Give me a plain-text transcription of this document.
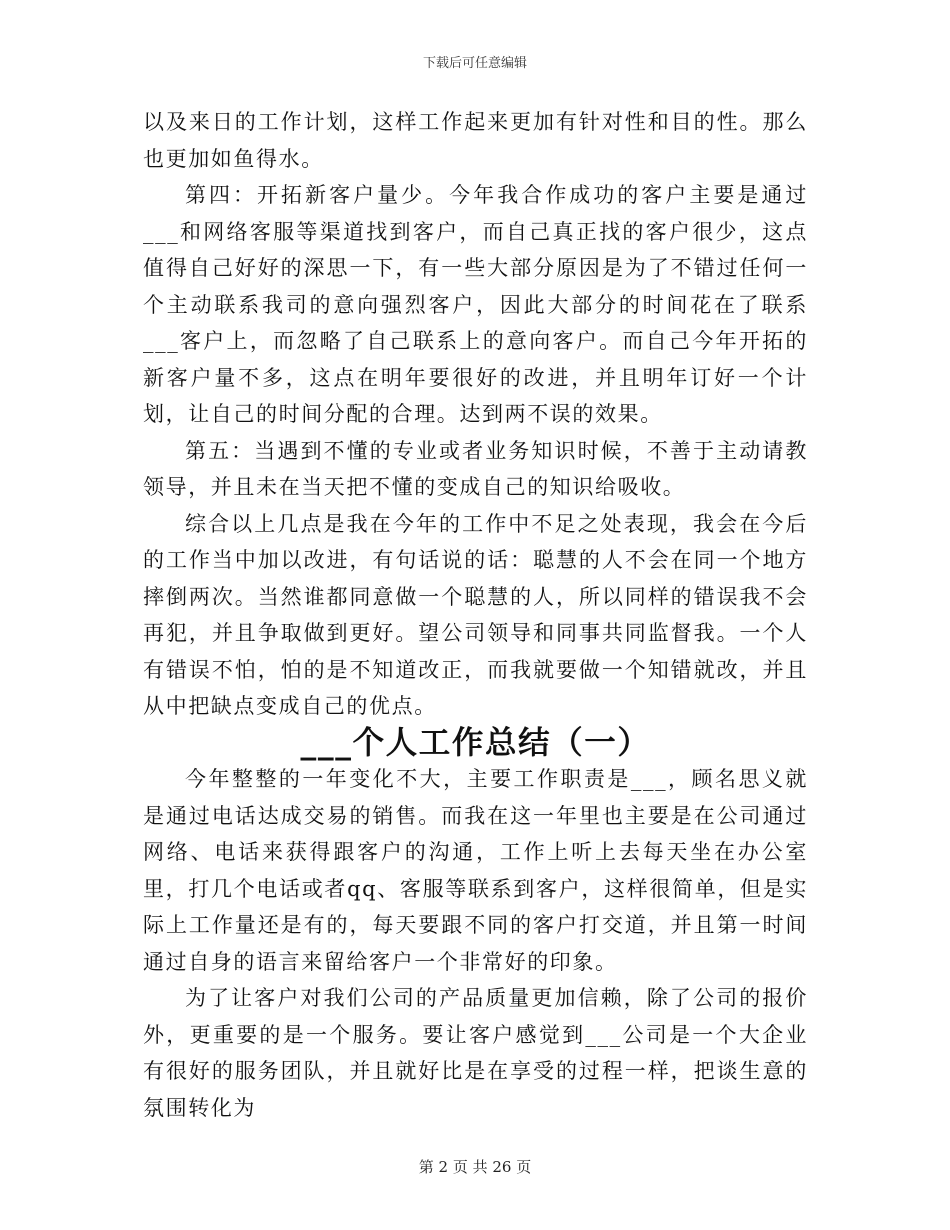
下载后可任意编辑

以及来日的工作计划，这样工作起来更加有针对性和目的性。那么也更加如鱼得水。

第四：开拓新客户量少。今年我合作成功的客户主要是通过___和网络客服等渠道找到客户，而自己真正找的客户很少，这点值得自己好好的深思一下，有一些大部分原因是为了不错过任何一个主动联系我司的意向强烈客户，因此大部分的时间花在了联系___客户上，而忽略了自己联系上的意向客户。而自己今年开拓的新客户量不多，这点在明年要很好的改进，并且明年订好一个计划，让自己的时间分配的合理。达到两不误的效果。

第五：当遇到不懂的专业或者业务知识时候，不善于主动请教领导，并且未在当天把不懂的变成自己的知识给吸收。

综合以上几点是我在今年的工作中不足之处表现，我会在今后的工作当中加以改进，有句话说的话：聪慧的人不会在同一个地方摔倒两次。当然谁都同意做一个聪慧的人，所以同样的错误我不会再犯，并且争取做到更好。望公司领导和同事共同监督我。一个人有错误不怕，怕的是不知道改正，而我就要做一个知错就改，并且从中把缺点变成自己的优点。

___个人工作总结（一）

今年整整的一年变化不大，主要工作职责是___，顾名思义就是通过电话达成交易的销售。而我在这一年里也主要是在公司通过网络、电话来获得跟客户的沟通，工作上听上去每天坐在办公室里，打几个电话或者qq、客服等联系到客户，这样很简单，但是实际上工作量还是有的，每天要跟不同的客户打交道，并且第一时间通过自身的语言来留给客户一个非常好的印象。

为了让客户对我们公司的产品质量更加信赖，除了公司的报价外，更重要的是一个服务。要让客户感觉到___公司是一个大企业有很好的服务团队，并且就好比是在享受的过程一样，把谈生意的氛围转化为

第 2 页 共 26 页
